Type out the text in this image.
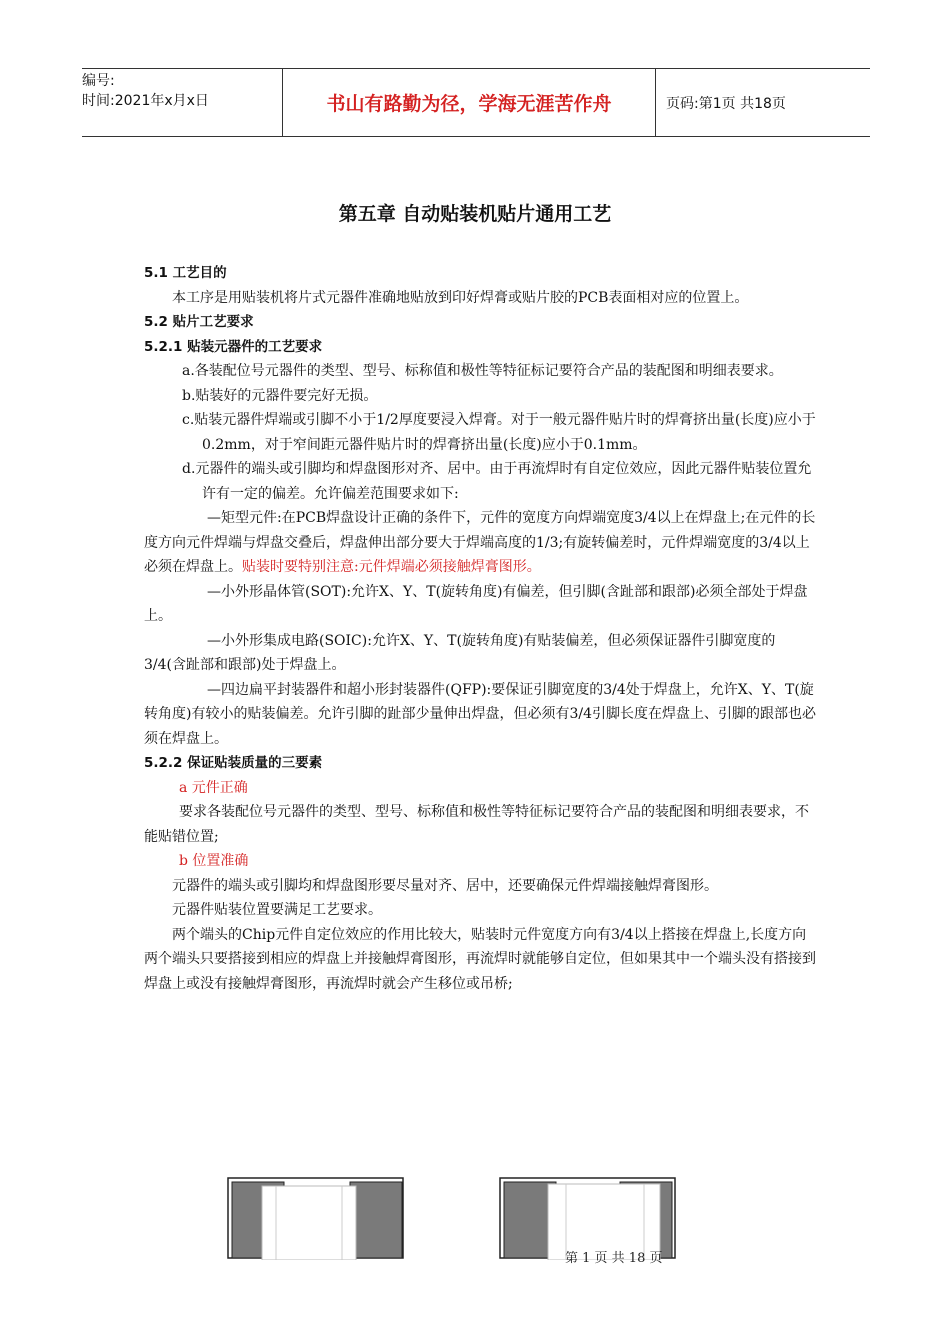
编号:
时间:2021年x月x日	书山有路勤为径，学海无涯苦作舟	页码:第1页 共18页
第五章 自动贴装机贴片通用工艺

5.1 工艺目的

本工序是用贴装机将片式元器件准确地贴放到印好焊膏或贴片胶的PCB表面相对应的位置上。

5.2 贴片工艺要求

5.2.1 贴装元器件的工艺要求

a.各装配位号元器件的类型、型号、标称值和极性等特征标记要符合产品的装配图和明细表要求。

b.贴装好的元器件要完好无损。

c.贴装元器件焊端或引脚不小于1/2厚度要浸入焊膏。对于一般元器件贴片时的焊膏挤出量(长度)应小于0.2mm，对于窄间距元器件贴片时的焊膏挤出量(长度)应小于0.1mm。

d.元器件的端头或引脚均和焊盘图形对齐、居中。由于再流焊时有自定位效应，因此元器件贴装位置允许有一定的偏差。允许偏差范围要求如下:

—矩型元件:在PCB焊盘设计正确的条件下，元件的宽度方向焊端宽度3/4以上在焊盘上;在元件的长度方向元件焊端与焊盘交叠后，焊盘伸出部分要大于焊端高度的1/3;有旋转偏差时，元件焊端宽度的3/4以上必须在焊盘上。贴装时要特别注意:元件焊端必须接触焊膏图形。

—小外形晶体管(SOT):允许X、Y、T(旋转角度)有偏差，但引脚(含趾部和跟部)必须全部处于焊盘上。

—小外形集成电路(SOIC):允许X、Y、T(旋转角度)有贴装偏差，但必须保证器件引脚宽度的3/4(含趾部和跟部)处于焊盘上。

—四边扁平封装器件和超小形封装器件(QFP):要保证引脚宽度的3/4处于焊盘上，允许X、Y、T(旋转角度)有较小的贴装偏差。允许引脚的趾部少量伸出焊盘，但必须有3/4引脚长度在焊盘上、引脚的跟部也必须在焊盘上。

5.2.2 保证贴装质量的三要素

a 元件正确

要求各装配位号元器件的类型、型号、标称值和极性等特征标记要符合产品的装配图和明细表要求，不能贴错位置;

b 位置准确

元器件的端头或引脚均和焊盘图形要尽量对齐、居中，还要确保元件焊端接触焊膏图形。

元器件贴装位置要满足工艺要求。

两个端头的Chip元件自定位效应的作用比较大，贴装时元件宽度方向有3/4以上搭接在焊盘上,长度方向两个端头只要搭接到相应的焊盘上并接触焊膏图形，再流焊时就能够自定位，但如果其中一个端头没有搭接到焊盘上或没有接触焊膏图形，再流焊时就会产生移位或吊桥;

第 1 页 共 18 页
